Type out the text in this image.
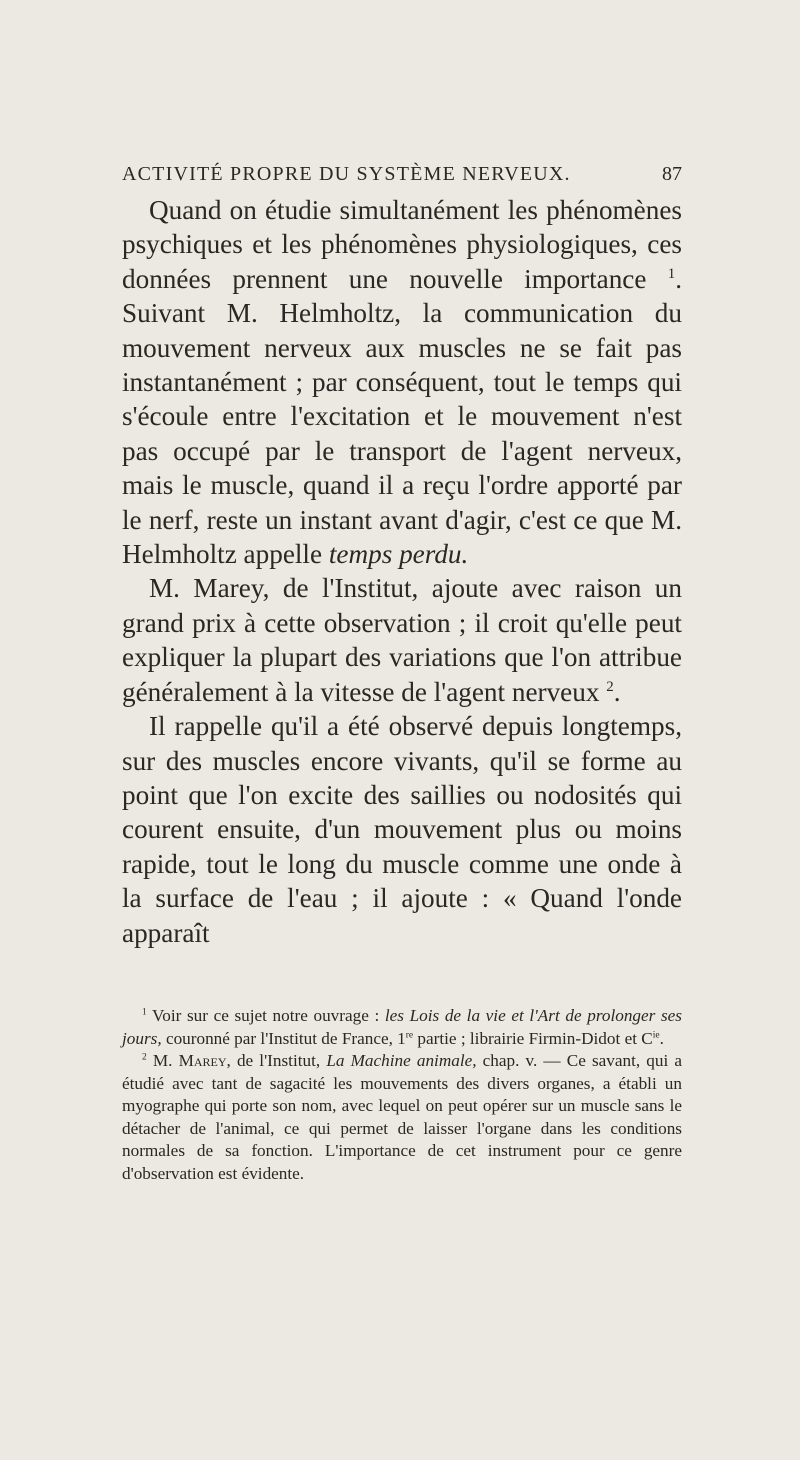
ACTIVITÉ PROPRE DU SYSTÈME NERVEUX.	87

Quand on étudie simultanément les phénomènes psychiques et les phénomènes physiologiques, ces données prennent une nouvelle importance $^1$. Suivant M. Helmholtz, la communication du mouvement nerveux aux muscles ne se fait pas instantanément ; par conséquent, tout le temps qui s'écoule entre l'excitation et le mouvement n'est pas occupé par le transport de l'agent nerveux, mais le muscle, quand il a reçu l'ordre apporté par le nerf, reste un instant avant d'agir, c'est ce que M. Helmholtz appelle temps perdu.

M. Marey, de l'Institut, ajoute avec raison un grand prix à cette observation ; il croit qu'elle peut expliquer la plupart des variations que l'on attribue généralement à la vitesse de l'agent nerveux $^2$.

Il rappelle qu'il a été observé depuis longtemps, sur des muscles encore vivants, qu'il se forme au point que l'on excite des saillies ou nodosités qui courent ensuite, d'un mouvement plus ou moins rapide, tout le long du muscle comme une onde à la surface de l'eau ; il ajoute : « Quand l'onde apparaît

$^1$ Voir sur ce sujet notre ouvrage : les Lois de la vie et l'Art de prolonger ses jours, couronné par l'Institut de France, 1re partie ; librairie Firmin-Didot et $C^{ie}$.

$^2$ M. Marey, de l'Institut, La Machine animale, chap. v. — Ce savant, qui a étudié avec tant de sagacité les mouvements des divers organes, a établi un myographe qui porte son nom, avec lequel on peut opérer sur un muscle sans le détacher de l'animal, ce qui permet de laisser l'organe dans les conditions normales de sa fonction. L'importance de cet instrument pour ce genre d'observation est évidente.
